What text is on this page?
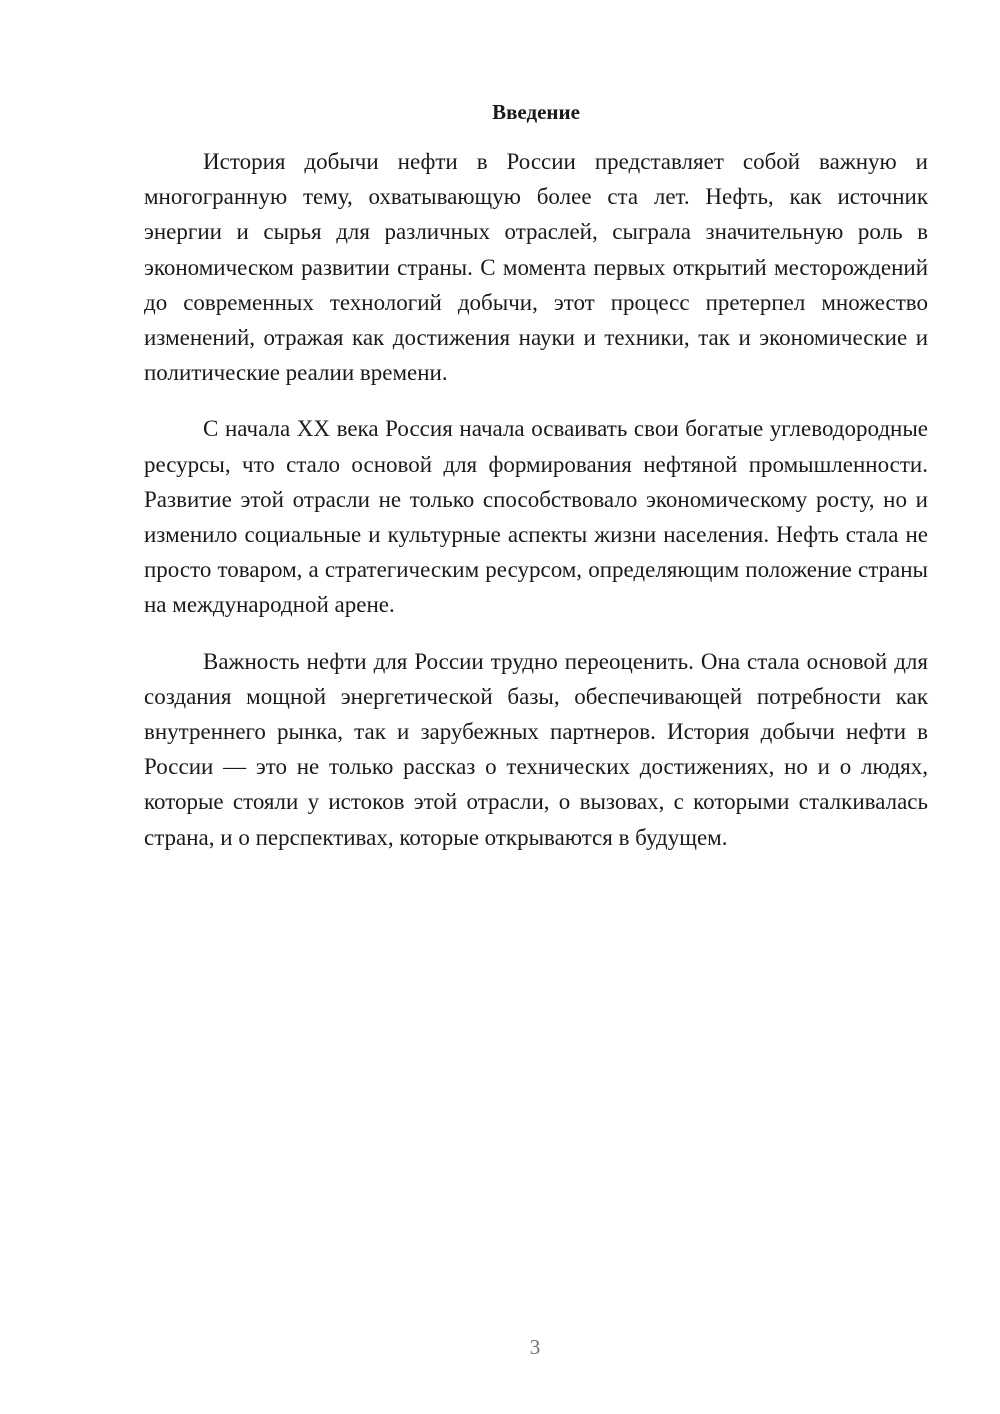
Введение

История добычи нефти в России представляет собой важную и многогранную тему, охватывающую более ста лет. Нефть, как источник энергии и сырья для различных отраслей, сыграла значительную роль в экономическом развитии страны. С момента первых открытий месторождений до современных технологий добычи, этот процесс претерпел множество изменений, отражая как достижения науки и техники, так и экономические и политические реалии времени.

С начала XX века Россия начала осваивать свои богатые углеводородные ресурсы, что стало основой для формирования нефтяной промышленности. Развитие этой отрасли не только способствовало экономическому росту, но и изменило социальные и культурные аспекты жизни населения. Нефть стала не просто товаром, а стратегическим ресурсом, определяющим положение страны на международной арене.

Важность нефти для России трудно переоценить. Она стала основой для создания мощной энергетической базы, обеспечивающей потребности как внутреннего рынка, так и зарубежных партнеров. История добычи нефти в России — это не только рассказ о технических достижениях, но и о людях, которые стояли у истоков этой отрасли, о вызовах, с которыми сталкивалась страна, и о перспективах, которые открываются в будущем.

3
